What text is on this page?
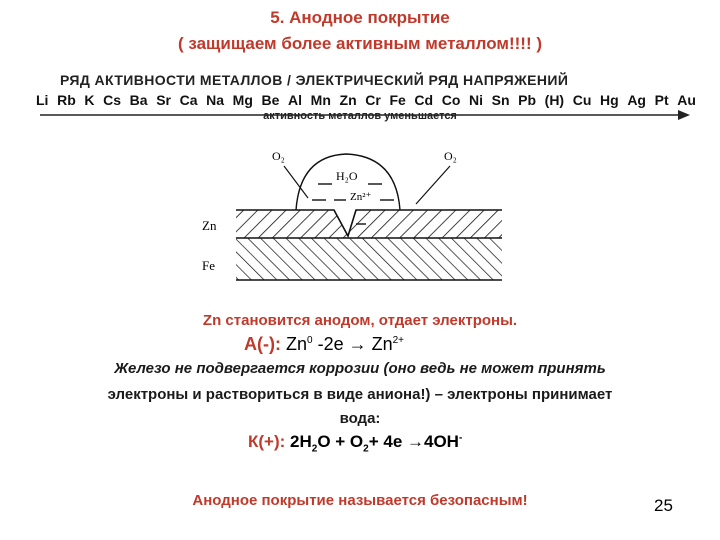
5. Анодное покрытие
( защищаем более активным металлом!!!! )
РЯД АКТИВНОСТИ МЕТАЛЛОВ / ЭЛЕКТРИЧЕСКИЙ РЯД НАПРЯЖЕНИЙ
Li Rb K Cs Ba Sr Ca Na Mg Be Al Mn Zn Cr Fe Cd Co Ni Sn Pb (H) Cu Hg Ag Pt Au
активность металлов уменьшается
O₂	O₂
H₂O
Zn²⁺
Zn
Fe
Zn становится анодом, отдает электроны.
А(-): Zn$^0$ $-2e \to Zn^{2+}$
Железо не подвергается коррозии (оно ведь не может принять
электроны и раствориться в виде аниона!) – электроны принимает
вода:
К(+): $2H_2O + O_2+ 4e \to 4OH^-$
Анодное покрытие называется безопасным!	25
